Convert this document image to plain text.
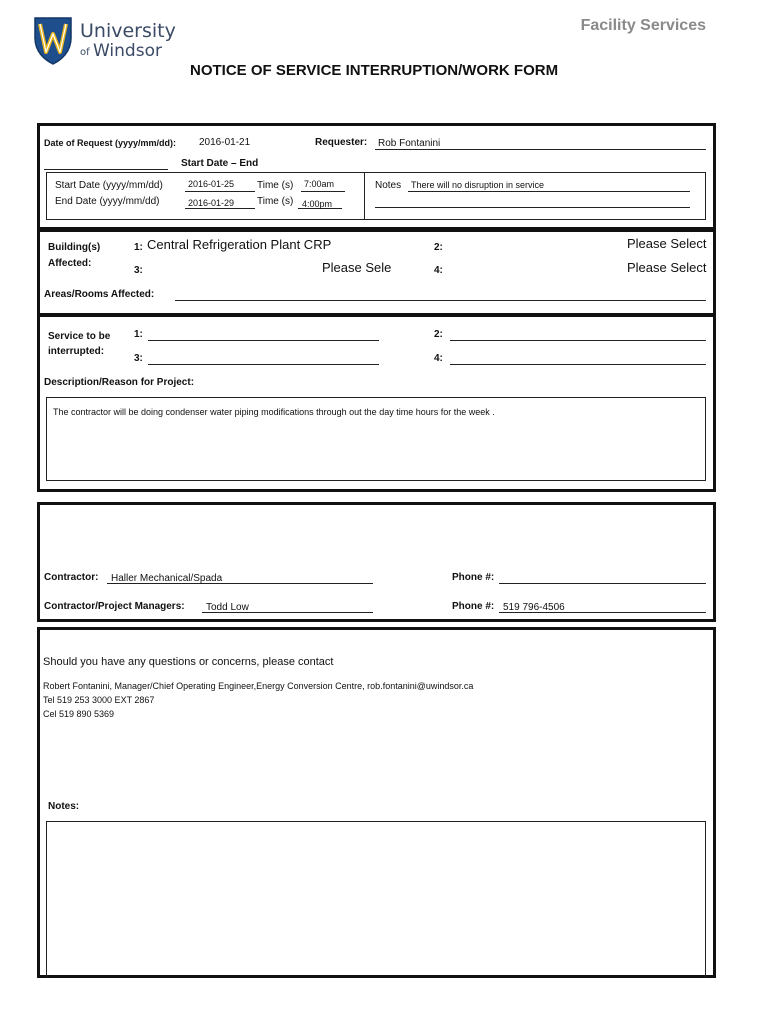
University
of Windsor
Facility Services
NOTICE OF SERVICE INTERRUPTION/WORK FORM
Date of Request (yyyy/mm/dd): 2016-01-21	Requester: Rob Fontanini
Start Date – End
Start Date (yyyy/mm/dd)	2016-01-25 Time (s) 7:00am
End Date (yyyy/mm/dd)	2016-01-29 Time (s) 4:00pm
Notes There will no disruption in service
Building(s)
Affected:
1: Central Refrigeration Plant CRP	2:	Please Select
3:	Please Sele	4:	Please Select
Areas/Rooms Affected:
Service to be
interrupted:
1:	2:
3:	4:
Description/Reason for Project:
The contractor will be doing condenser water piping modifications through out the day time hours for the week .
Contractor: Haller Mechanical/Spada	Phone #:
Contractor/Project Managers: Todd Low	Phone #: 519 796-4506
Should you have any questions or concerns, please contact
Robert Fontanini, Manager/Chief Operating Engineer,Energy Conversion Centre, rob.fontanini@uwindsor.ca
Tel 519 253 3000 EXT 2867
Cel 519 890 5369
Notes:
